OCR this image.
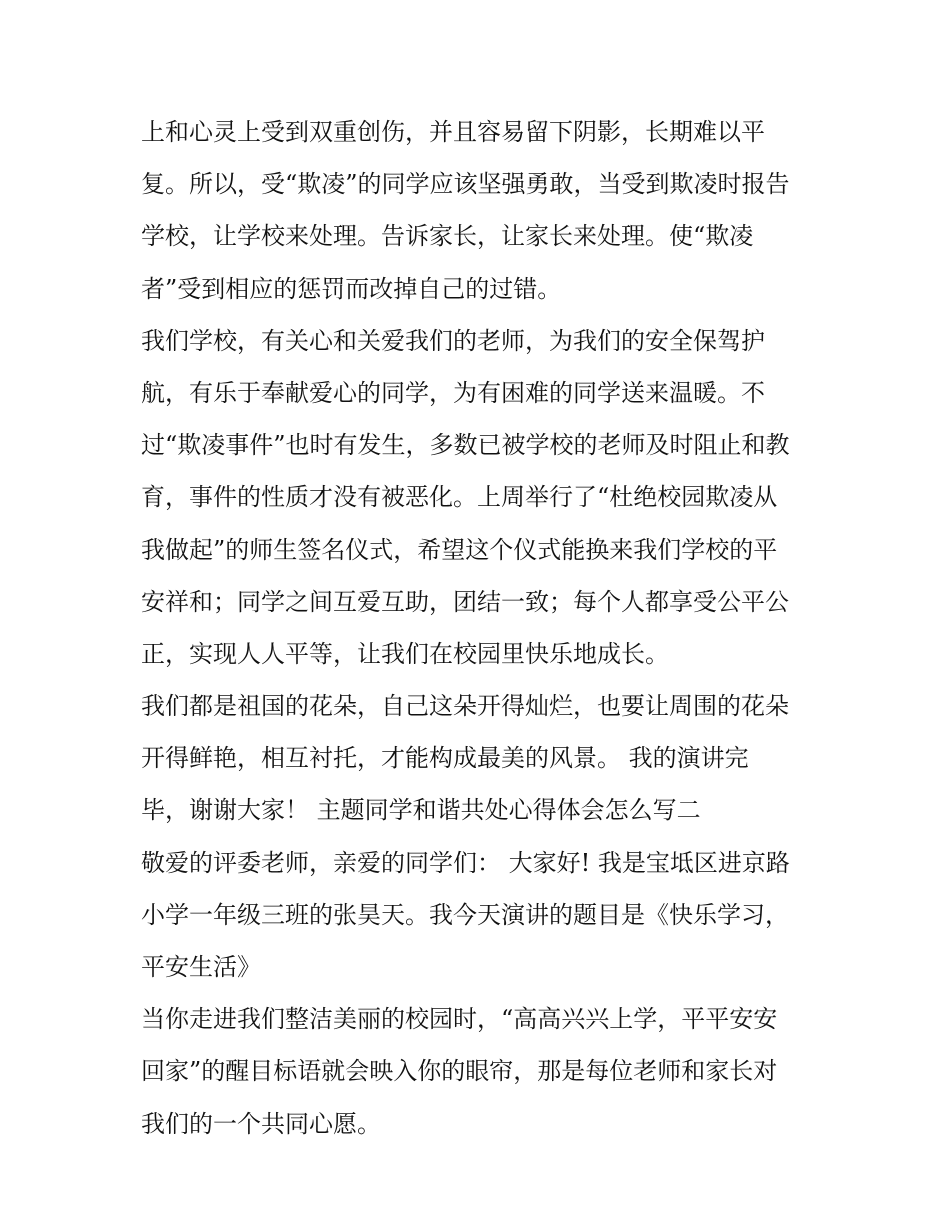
上和心灵上受到双重创伤，并且容易留下阴影，长期难以平
复。所以，受“欺凌”的同学应该坚强勇敢，当受到欺凌时报告
学校，让学校来处理。告诉家长，让家长来处理。使“欺凌
者”受到相应的惩罚而改掉自己的过错。
我们学校，有关心和关爱我们的老师，为我们的安全保驾护
航，有乐于奉献爱心的同学，为有困难的同学送来温暖。不
过“欺凌事件”也时有发生，多数已被学校的老师及时阻止和教
育，事件的性质才没有被恶化。上周举行了“杜绝校园欺凌从
我做起”的师生签名仪式，希望这个仪式能换来我们学校的平
安祥和；同学之间互爱互助，团结一致；每个人都享受公平公
正，实现人人平等，让我们在校园里快乐地成长。
我们都是祖国的花朵，自己这朵开得灿烂，也要让周围的花朵
开得鲜艳，相互衬托，才能构成最美的风景。 我的演讲完
毕，谢谢大家！ 主题同学和谐共处心得体会怎么写二
敬爱的评委老师，亲爱的同学们： 大家好! 我是宝坻区进京路
小学一年级三班的张昊天。我今天演讲的题目是《快乐学习，
平安生活》
当你走进我们整洁美丽的校园时，“高高兴兴上学，平平安安
回家”的醒目标语就会映入你的眼帘，那是每位老师和家长对
我们的一个共同心愿。
